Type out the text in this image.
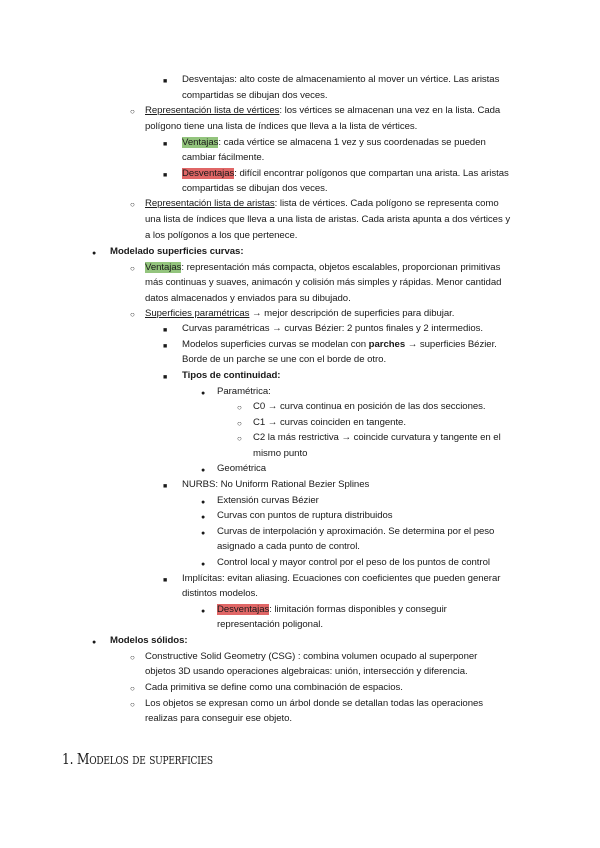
■
Desventajas: alto coste de almacenamiento al mover un vértice. Las aristas
compartidas se dibujan dos veces.
○
Representación lista de vértices: los vértices se almacenan una vez en la lista. Cada
polígono tiene una lista de índices que lleva a la lista de vértices.
■
Ventajas: cada vértice se almacena 1 vez y sus coordenadas se pueden
cambiar fácilmente.
■
Desventajas: difícil encontrar polígonos que compartan una arista. Las aristas
compartidas se dibujan dos veces.
○
Representación lista de aristas: lista de vértices. Cada polígono se representa como
una lista de índices que lleva a una lista de aristas. Cada arista apunta a dos vértices y
a los polígonos a los que pertenece.
●
Modelado superficies curvas:
○
Ventajas: representación más compacta, objetos escalables, proporcionan primitivas
más continuas y suaves, animacón y colisión más simples y rápidas. Menor cantidad
datos almacenados y enviados para su dibujado.
○
Superficies paramétricas → mejor descripción de superficies para dibujar.
■
Curvas paramétricas → curvas Bézier: 2 puntos finales y 2 intermedios.
■
Modelos superficies curvas se modelan con parches → superficies Bézier.
Borde de un parche se une con el borde de otro.
■
Tipos de continuidad:
●
Paramétrica:
○
C0 → curva continua en posición de las dos secciones.
○
C1 → curvas coinciden en tangente.
○
C2 la más restrictiva → coincide curvatura y tangente en el
mismo punto
●
Geométrica
■
NURBS: No Uniform Rational Bezier Splines
●
Extensión curvas Bézier
●
Curvas con puntos de ruptura distribuidos
●
Curvas de interpolación y aproximación. Se determina por el peso
asignado a cada punto de control.
●
Control local y mayor control por el peso de los puntos de control
■
Implícitas: evitan aliasing. Ecuaciones con coeficientes que pueden generar
distintos modelos.
●
Desventajas: limitación formas disponibles y conseguir
representación poligonal.
●
Modelos sólidos:
○
Constructive Solid Geometry (CSG) : combina volumen ocupado al superponer
objetos 3D usando operaciones algebraicas: unión, intersección y diferencia.
○
Cada primitiva se define como una combinación de espacios.
○
Los objetos se expresan como un árbol donde se detallan todas las operaciones
realizas para conseguir ese objeto.
1. Modelos de superficies
